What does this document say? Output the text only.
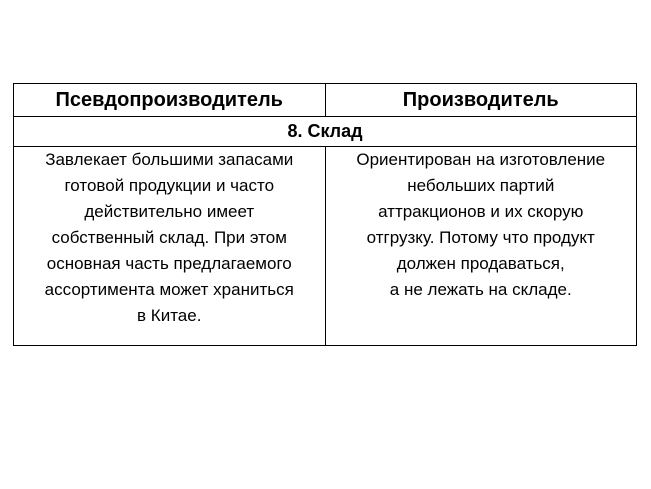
Псевдопроизводитель	Производитель
8. Склад
Завлекает большими запасами
готовой продукции и часто
действительно имеет
собственный склад. При этом
основная часть предлагаемого
ассортимента может храниться
в Китае.
Ориентирован на изготовление
небольших партий
аттракционов и их скорую
отгрузку. Потому что продукт
должен продаваться,
а не лежать на складе.
